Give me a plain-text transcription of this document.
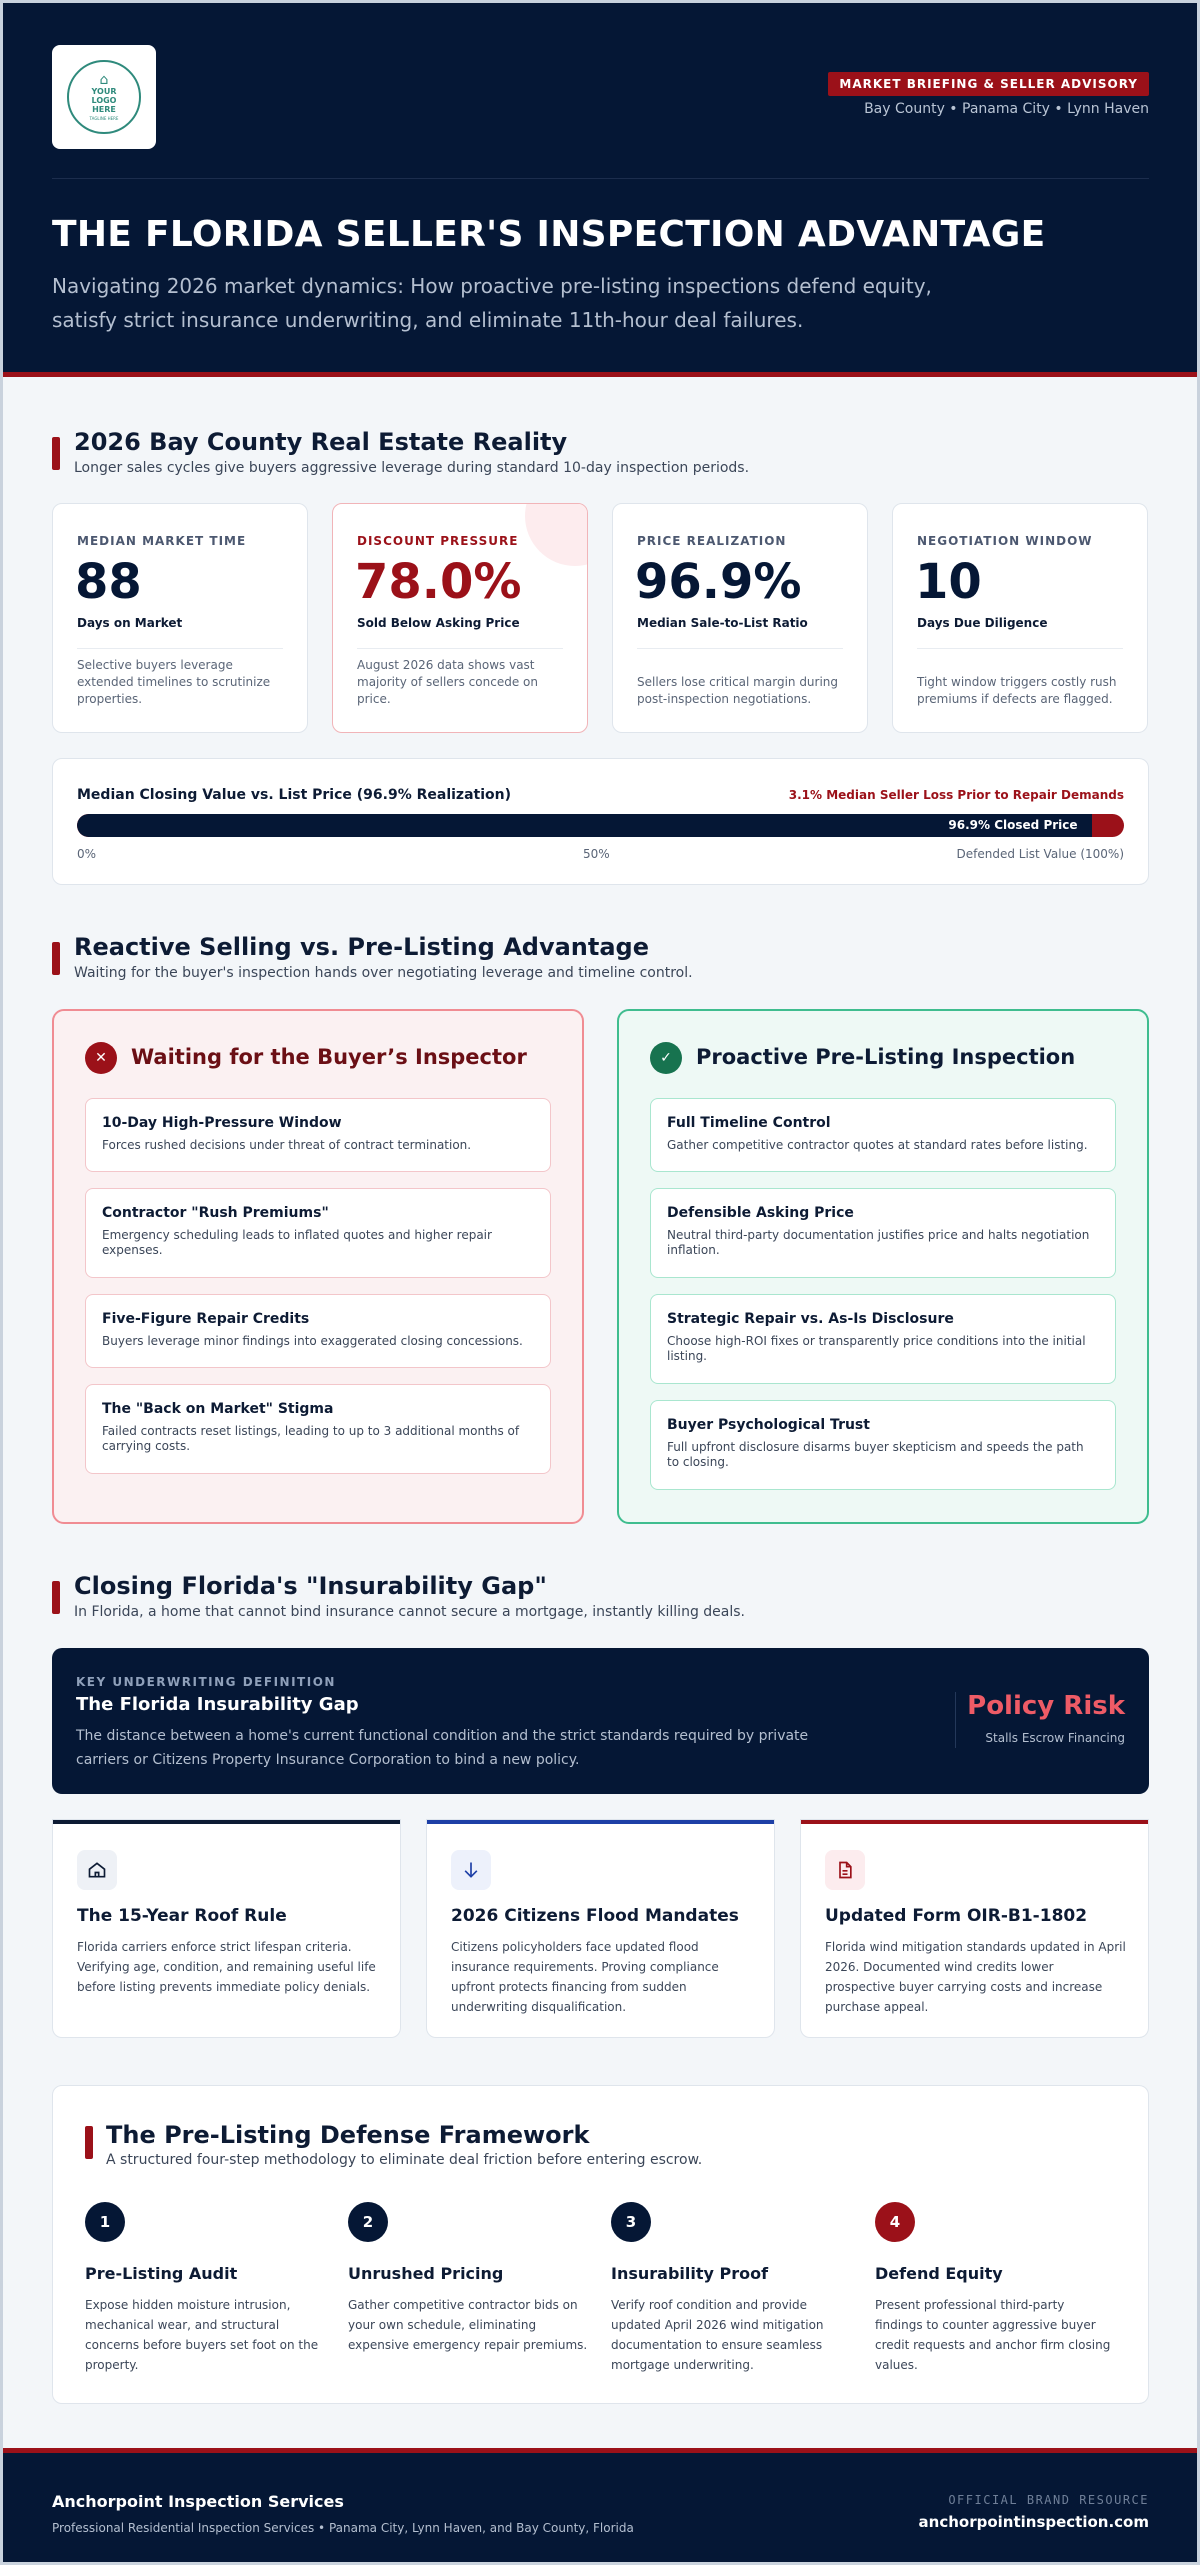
⌂
YOUR LOGO HERE
TAGLINE HERE
MARKET BRIEFING & SELLER ADVISORY
Bay County • Panama City • Lynn Haven
THE FLORIDA SELLER'S INSPECTION ADVANTAGE
Navigating 2026 market dynamics: How proactive pre-listing inspections defend equity, satisfy strict insurance underwriting, and eliminate 11th-hour deal failures.
2026 Bay County Real Estate Reality
Longer sales cycles give buyers aggressive leverage during standard 10-day inspection periods.
MEDIAN MARKET TIME
88
Days on Market
Selective buyers leverage extended timelines to scrutinize properties.
DISCOUNT PRESSURE
78.0%
Sold Below Asking Price
August 2026 data shows vast majority of sellers concede on price.
PRICE REALIZATION
96.9%
Median Sale-to-List Ratio
Sellers lose critical margin during post-inspection negotiations.
NEGOTIATION WINDOW
10
Days Due Diligence
Tight window triggers costly rush premiums if defects are flagged.
Median Closing Value vs. List Price (96.9% Realization)	3.1% Median Seller Loss Prior to Repair Demands
96.9% Closed Price
0%	50%	Defended List Value (100%)
Reactive Selling vs. Pre-Listing Advantage
Waiting for the buyer's inspection hands over negotiating leverage and timeline control.
✕	Waiting for the Buyer’s Inspector
10-Day High-Pressure Window
Forces rushed decisions under threat of contract termination.
Contractor "Rush Premiums"
Emergency scheduling leads to inflated quotes and higher repair expenses.
Five-Figure Repair Credits
Buyers leverage minor findings into exaggerated closing concessions.
The "Back on Market" Stigma
Failed contracts reset listings, leading to up to 3 additional months of carrying costs.
✓	Proactive Pre-Listing Inspection
Full Timeline Control
Gather competitive contractor quotes at standard rates before listing.
Defensible Asking Price
Neutral third-party documentation justifies price and halts negotiation inflation.
Strategic Repair vs. As-Is Disclosure
Choose high-ROI fixes or transparently price conditions into the initial listing.
Buyer Psychological Trust
Full upfront disclosure disarms buyer skepticism and speeds the path to closing.
Closing Florida's "Insurability Gap"
In Florida, a home that cannot bind insurance cannot secure a mortgage, instantly killing deals.
KEY UNDERWRITING DEFINITION
The Florida Insurability Gap
The distance between a home's current functional condition and the strict standards required by private carriers or Citizens Property Insurance Corporation to bind a new policy.
Policy Risk
Stalls Escrow Financing
The 15-Year Roof Rule
Florida carriers enforce strict lifespan criteria. Verifying age, condition, and remaining useful life before listing prevents immediate policy denials.
2026 Citizens Flood Mandates
Citizens policyholders face updated flood insurance requirements. Proving compliance upfront protects financing from sudden underwriting disqualification.
Updated Form OIR-B1-1802
Florida wind mitigation standards updated in April 2026. Documented wind credits lower prospective buyer carrying costs and increase purchase appeal.
The Pre-Listing Defense Framework
A structured four-step methodology to eliminate deal friction before entering escrow.
1
Pre-Listing Audit
Expose hidden moisture intrusion, mechanical wear, and structural concerns before buyers set foot on the property.
2
Unrushed Pricing
Gather competitive contractor bids on your own schedule, eliminating expensive emergency repair premiums.
3
Insurability Proof
Verify roof condition and provide updated April 2026 wind mitigation documentation to ensure seamless mortgage underwriting.
4
Defend Equity
Present professional third-party findings to counter aggressive buyer credit requests and anchor firm closing values.
Anchorpoint Inspection Services
Professional Residential Inspection Services • Panama City, Lynn Haven, and Bay County, Florida
OFFICIAL BRAND RESOURCE
anchorpointinspection.com
